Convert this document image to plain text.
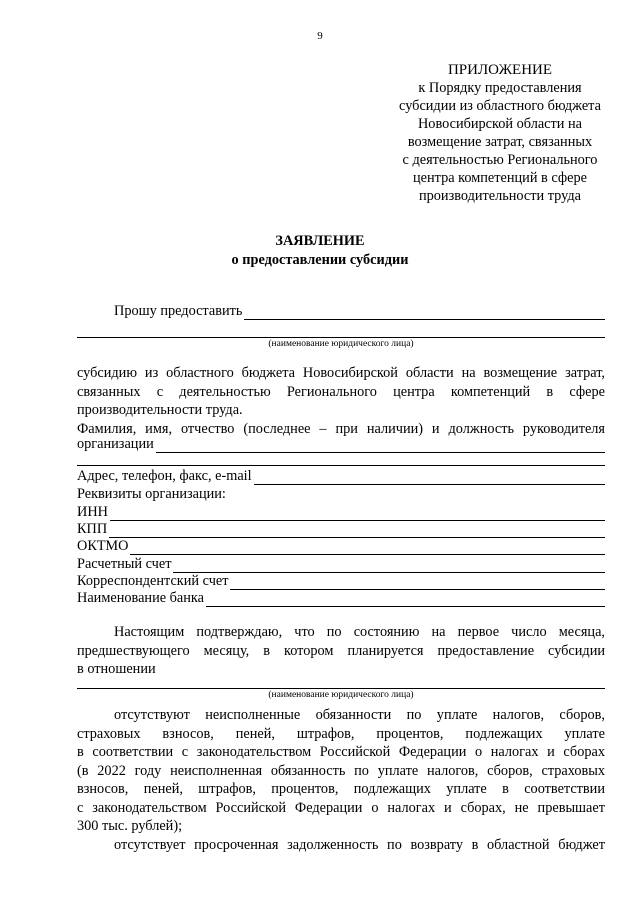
9
ПРИЛОЖЕНИЕ
к Порядку предоставления
субсидии из областного бюджета
Новосибирской области на
возмещение затрат, связанных
с деятельностью Регионального
центра компетенций в сфере
производительности труда
ЗАЯВЛЕНИЕ
о предоставлении субсидии
Прошу предоставить
(наименование юридического лица)
субсидию из областного бюджета Новосибирской области на возмещение затрат,
связанных с деятельностью Регионального центра компетенций в сфере
производительности труда.
Фамилия, имя, отчество (последнее – при наличии) и должность руководителя
организации
Адрес, телефон, факс, e-mail
Реквизиты организации:
ИНН
КПП
ОКТМО
Расчетный счет
Корреспондентский счет
Наименование банка
Настоящим подтверждаю, что по состоянию на первое число месяца,
предшествующего месяцу, в котором планируется предоставление субсидии
в отношении
(наименование юридического лица)
отсутствуют неисполненные обязанности по уплате налогов, сборов,
страховых взносов, пеней, штрафов, процентов, подлежащих уплате
в соответствии с законодательством Российской Федерации о налогах и сборах
(в 2022 году неисполненная обязанность по уплате налогов, сборов, страховых
взносов, пеней, штрафов, процентов, подлежащих уплате в соответствии
с законодательством Российской Федерации о налогах и сборах, не превышает
300 тыс. рублей);
отсутствует просроченная задолженность по возврату в областной бюджет
